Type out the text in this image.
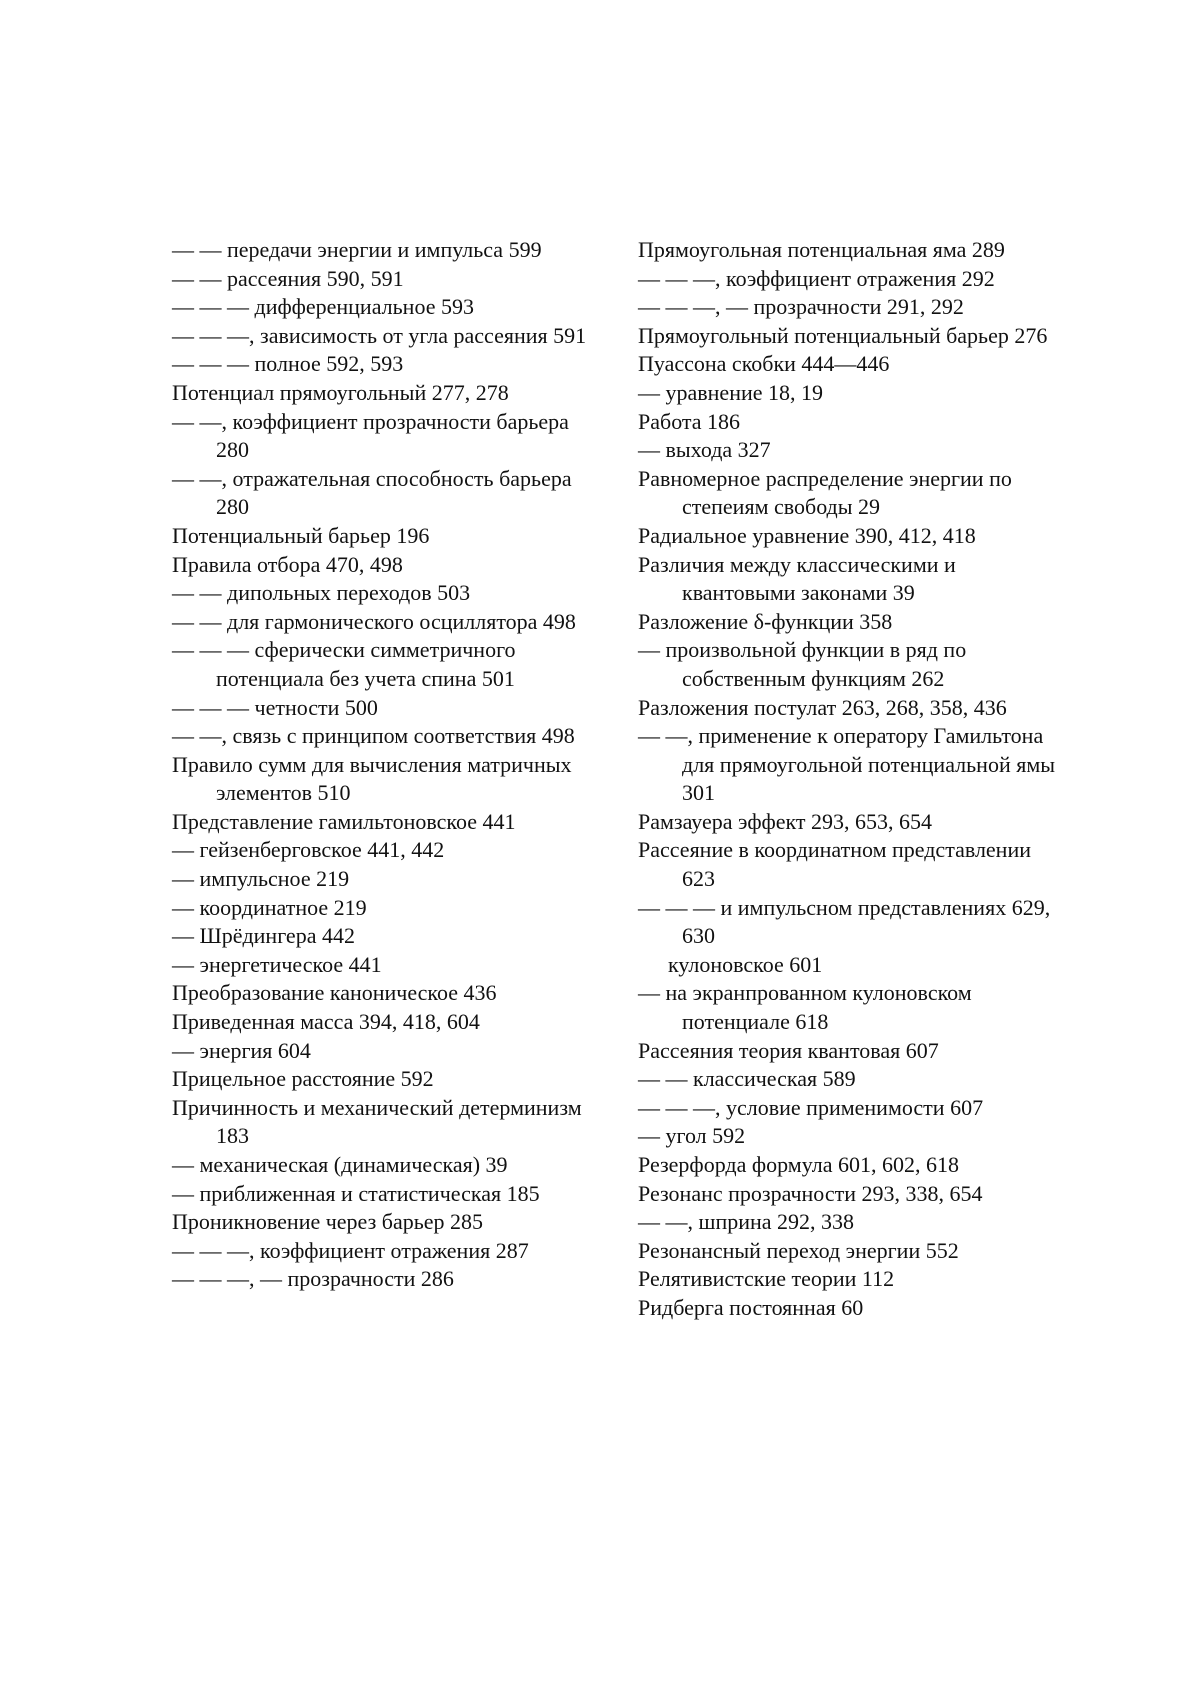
— — передачи энергии и импульса 599
— — рассеяния 590, 591
— — — дифференциальное 593
— — —, зависимость от угла рассеяния 591
— — — полное 592, 593
Потенциал прямоугольный 277, 278
— —, коэффициент прозрачности барьера 280
— —, отражательная способность барьера 280
Потенциальный барьер 196
Правила отбора 470, 498
— — дипольных переходов 503
— — для гармонического осциллятора 498
— — — сферически симметричного потенциала без учета спина 501
— — — четности 500
— —, связь с принципом соответствия 498
Правило сумм для вычисления матричных элементов 510
Представление гамильтоновское 441
— гейзенберговское 441, 442
— импульсное 219
— координатное 219
— Шрёдингера 442
— энергетическое 441
Преобразование каноническое 436
Приведенная масса 394, 418, 604
— энергия 604
Прицельное расстояние 592
Причинность и механический детерминизм 183
— механическая (динамическая) 39
— приближенная и статистическая 185
Проникновение через барьер 285
— — —, коэффициент отражения 287
— — —, — прозрачности 286
Прямоугольная потенциальная яма 289
— — —, коэффициент отражения 292
— — —, — прозрачности 291, 292
Прямоугольный потенциальный барьер 276
Пуассона скобки 444—446
— уравнение 18, 19
Работа 186
— выхода 327
Равномерное распределение энергии по степеиям свободы 29
Радиальное уравнение 390, 412, 418
Различия между классическими и квантовыми законами 39
Разложение δ-функции 358
— произвольной функции в ряд по собственным функциям 262
Разложения постулат 263, 268, 358, 436
— —, применение к оператору Гамильтона для прямоугольной потенциальной ямы 301
Рамзауера эффект 293, 653, 654
Рассеяние в координатном представлении 623
— — — и импульсном представлениях 629, 630
кулоновское 601
— на экранпрованном кулоновском потенциале 618
Рассеяния теория квантовая 607
— — классическая 589
— — —, условие применимости 607
— угол 592
Резерфорда формула 601, 602, 618
Резонанс прозрачности 293, 338, 654
— —, шприна 292, 338
Резонансный переход энергии 552
Релятивистские теории 112
Ридберга постоянная 60
